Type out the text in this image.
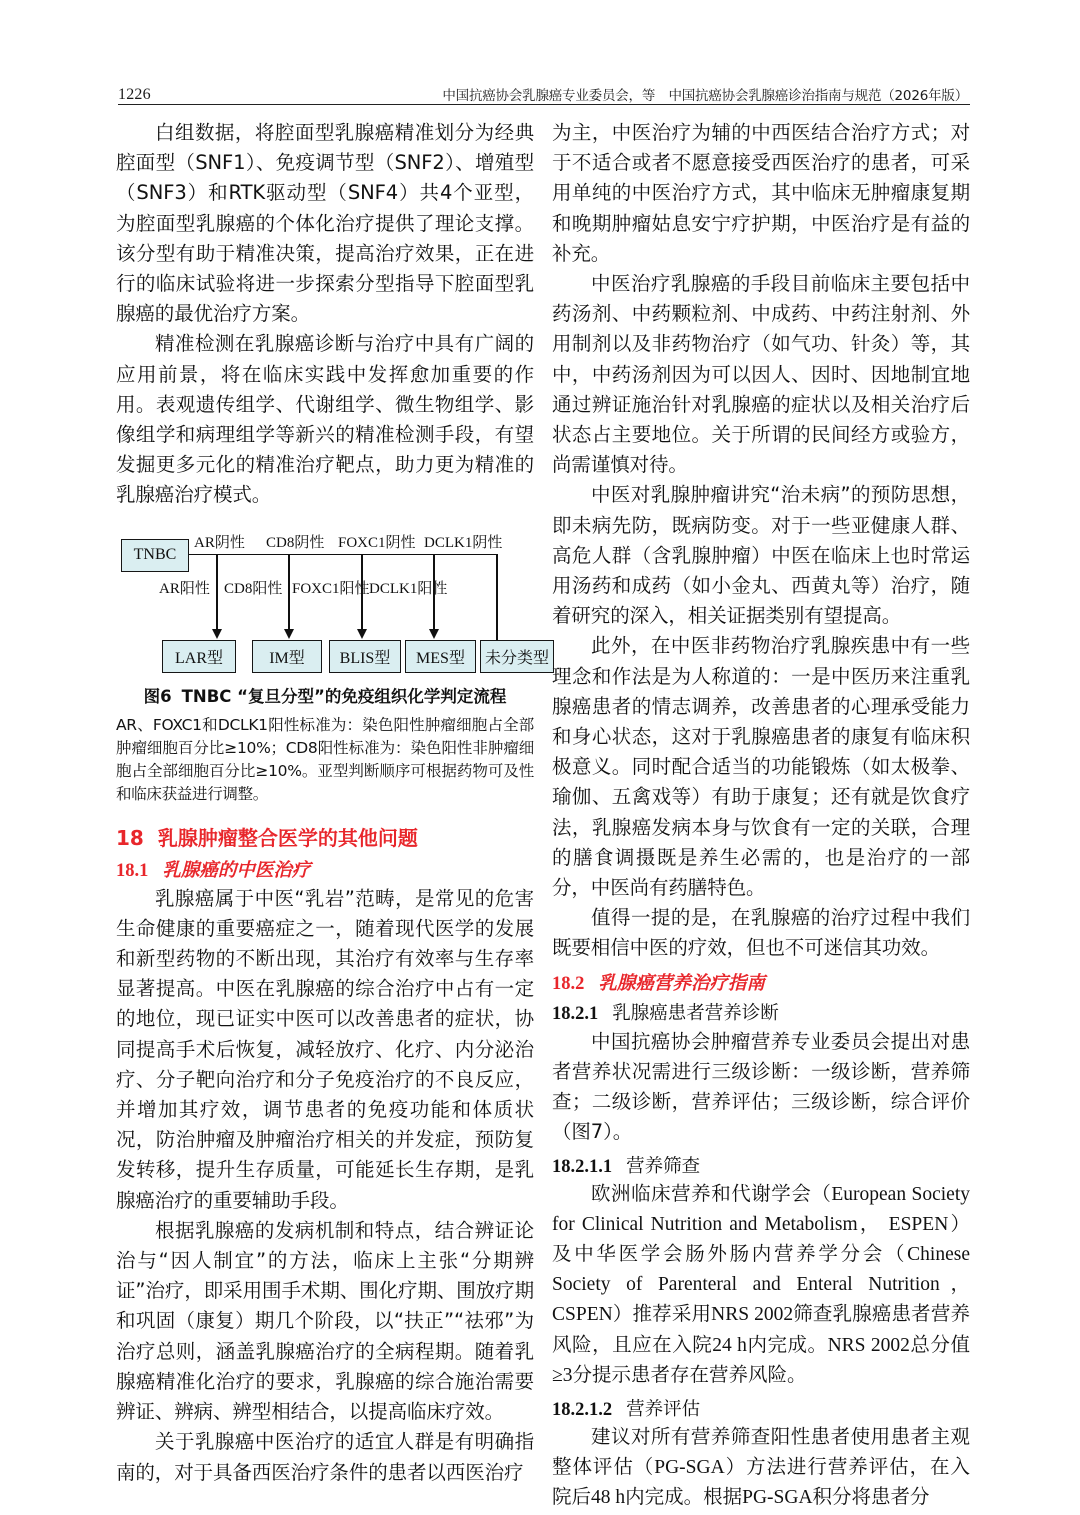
1226	中国抗癌协会乳腺癌专业委员会，等　中国抗癌协会乳腺癌诊治指南与规范（2026年版）

白组数据，将腔面型乳腺癌精准划分为经典腔面型（SNF1）、免疫调节型（SNF2）、增殖型（SNF3）和RTK驱动型（SNF4）共4个亚型，为腔面型乳腺癌的个体化治疗提供了理论支撑。该分型有助于精准决策，提高治疗效果，正在进行的临床试验将进一步探索分型指导下腔面型乳腺癌的最优治疗方案。

精准检测在乳腺癌诊断与治疗中具有广阔的应用前景，将在临床实践中发挥愈加重要的作用。表观遗传组学、代谢组学、微生物组学、影像组学和病理组学等新兴的精准检测手段，有望发掘更多元化的精准治疗靶点，助力更为精准的乳腺癌治疗模式。

TNBC
AR阴性 CD8阴性 FOXC1阴性 DCLK1阴性
AR阳性 CD8阳性 FOXC1阳性 DCLK1阳性
LAR型	IM型	BLIS型	MES型	未分类型
图6 TNBC “复旦分型”的免疫组织化学判定流程

AR、FOXC1和DCLK1阳性标准为：染色阳性肿瘤细胞占全部肿瘤细胞百分比≥10%；CD8阳性标准为：染色阳性非肿瘤细胞占全部细胞百分比≥10%。亚型判断顺序可根据药物可及性和临床获益进行调整。

18 乳腺肿瘤整合医学的其他问题
18.1 乳腺癌的中医治疗

乳腺癌属于中医“乳岩”范畴，是常见的危害生命健康的重要癌症之一，随着现代医学的发展和新型药物的不断出现，其治疗有效率与生存率显著提高。中医在乳腺癌的综合治疗中占有一定的地位，现已证实中医可以改善患者的症状，协同提高手术后恢复，减轻放疗、化疗、内分泌治疗、分子靶向治疗和分子免疫治疗的不良反应，并增加其疗效，调节患者的免疫功能和体质状况，防治肿瘤及肿瘤治疗相关的并发症，预防复发转移，提升生存质量，可能延长生存期，是乳腺癌治疗的重要辅助手段。

根据乳腺癌的发病机制和特点，结合辨证论治与“因人制宜”的方法，临床上主张“分期辨证”治疗，即采用围手术期、围化疗期、围放疗期和巩固（康复）期几个阶段，以“扶正”“祛邪”为治疗总则，涵盖乳腺癌治疗的全病程期。随着乳腺癌精准化治疗的要求，乳腺癌的综合施治需要辨证、辨病、辨型相结合，以提高临床疗效。

关于乳腺癌中医治疗的适宜人群是有明确指南的，对于具备西医治疗条件的患者以西医治疗

为主，中医治疗为辅的中西医结合治疗方式；对于不适合或者不愿意接受西医治疗的患者，可采用单纯的中医治疗方式，其中临床无肿瘤康复期和晚期肿瘤姑息安宁疗护期，中医治疗是有益的补充。

中医治疗乳腺癌的手段目前临床主要包括中药汤剂、中药颗粒剂、中成药、中药注射剂、外用制剂以及非药物治疗（如气功、针灸）等，其中，中药汤剂因为可以因人、因时、因地制宜地通过辨证施治针对乳腺癌的症状以及相关治疗后状态占主要地位。关于所谓的民间经方或验方，尚需谨慎对待。

中医对乳腺肿瘤讲究“治未病”的预防思想，即未病先防，既病防变。对于一些亚健康人群、高危人群（含乳腺肿瘤）中医在临床上也时常运用汤药和成药（如小金丸、西黄丸等）治疗，随着研究的深入，相关证据类别有望提高。

此外，在中医非药物治疗乳腺疾患中有一些理念和作法是为人称道的：一是中医历来注重乳腺癌患者的情志调养，改善患者的心理承受能力和身心状态，这对于乳腺癌患者的康复有临床积极意义。同时配合适当的功能锻炼（如太极拳、瑜伽、五禽戏等）有助于康复；还有就是饮食疗法，乳腺癌发病本身与饮食有一定的关联，合理的膳食调摄既是养生必需的，也是治疗的一部分，中医尚有药膳特色。

值得一提的是，在乳腺癌的治疗过程中我们既要相信中医的疗效，但也不可迷信其功效。

18.2 乳腺癌营养治疗指南
18.2.1 乳腺癌患者营养诊断

中国抗癌协会肿瘤营养专业委员会提出对患者营养状况需进行三级诊断：一级诊断，营养筛查；二级诊断，营养评估；三级诊断，综合评价（图7）。

18.2.1.1 营养筛查

欧洲临床营养和代谢学会（European Society for Clinical Nutrition and Metabolism， ESPEN）及中华医学会肠外肠内营养学分会（Chinese Society of Parenteral and Enteral Nutrition，CSPEN）推荐采用NRS 2002筛查乳腺癌患者营养风险，且应在入院24 h内完成。NRS 2002总分值≥3分提示患者存在营养风险。

18.2.1.2 营养评估

建议对所有营养筛查阳性患者使用患者主观整体评估（PG-SGA）方法进行营养评估，在入院后48 h内完成。根据PG-SGA积分将患者分
